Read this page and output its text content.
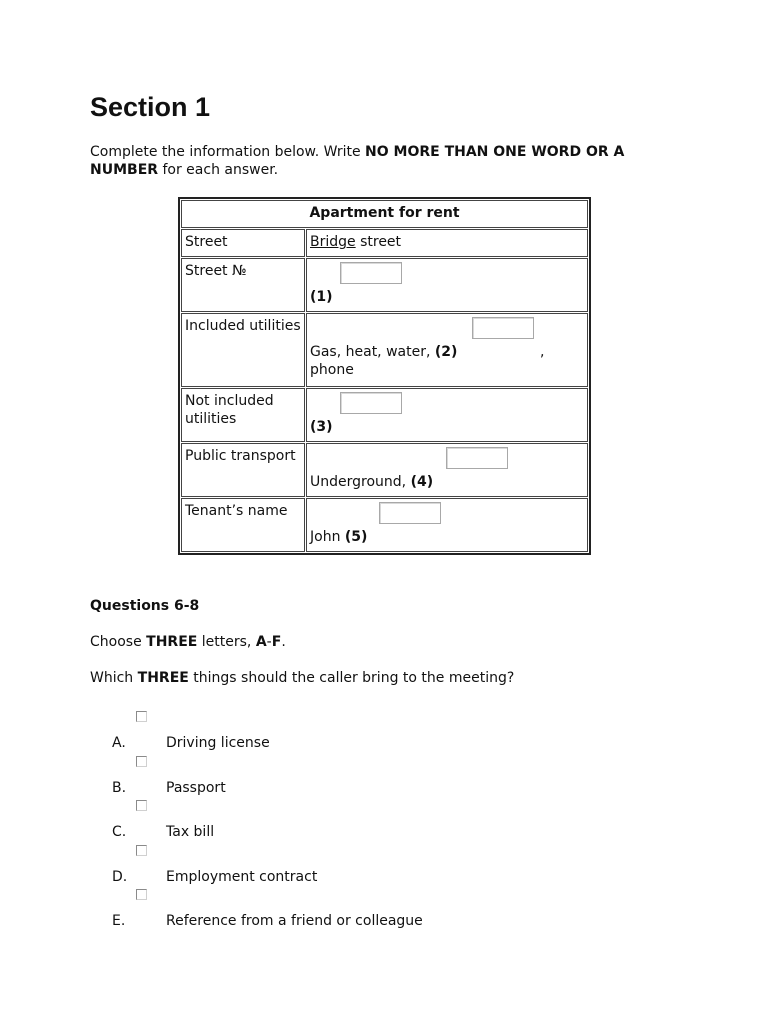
Section 1
Complete the information below. Write NO MORE THAN ONE WORD OR A NUMBER for each answer.
Apartment for rent	
Street	Bridge street
Street №	(1)

Included utilities	Gas, heat, water, (2) ,
phone

Not included utilities	(3)

Public transport	Underground, (4)

Tenant’s name	John (5)
Questions 6-8
Choose THREE letters, A-F.
Which THREE things should the caller bring to the meeting?
A.	Driving license
B.	Passport
C.	Tax bill
D.	Employment contract
E.	Reference from a friend or colleague
